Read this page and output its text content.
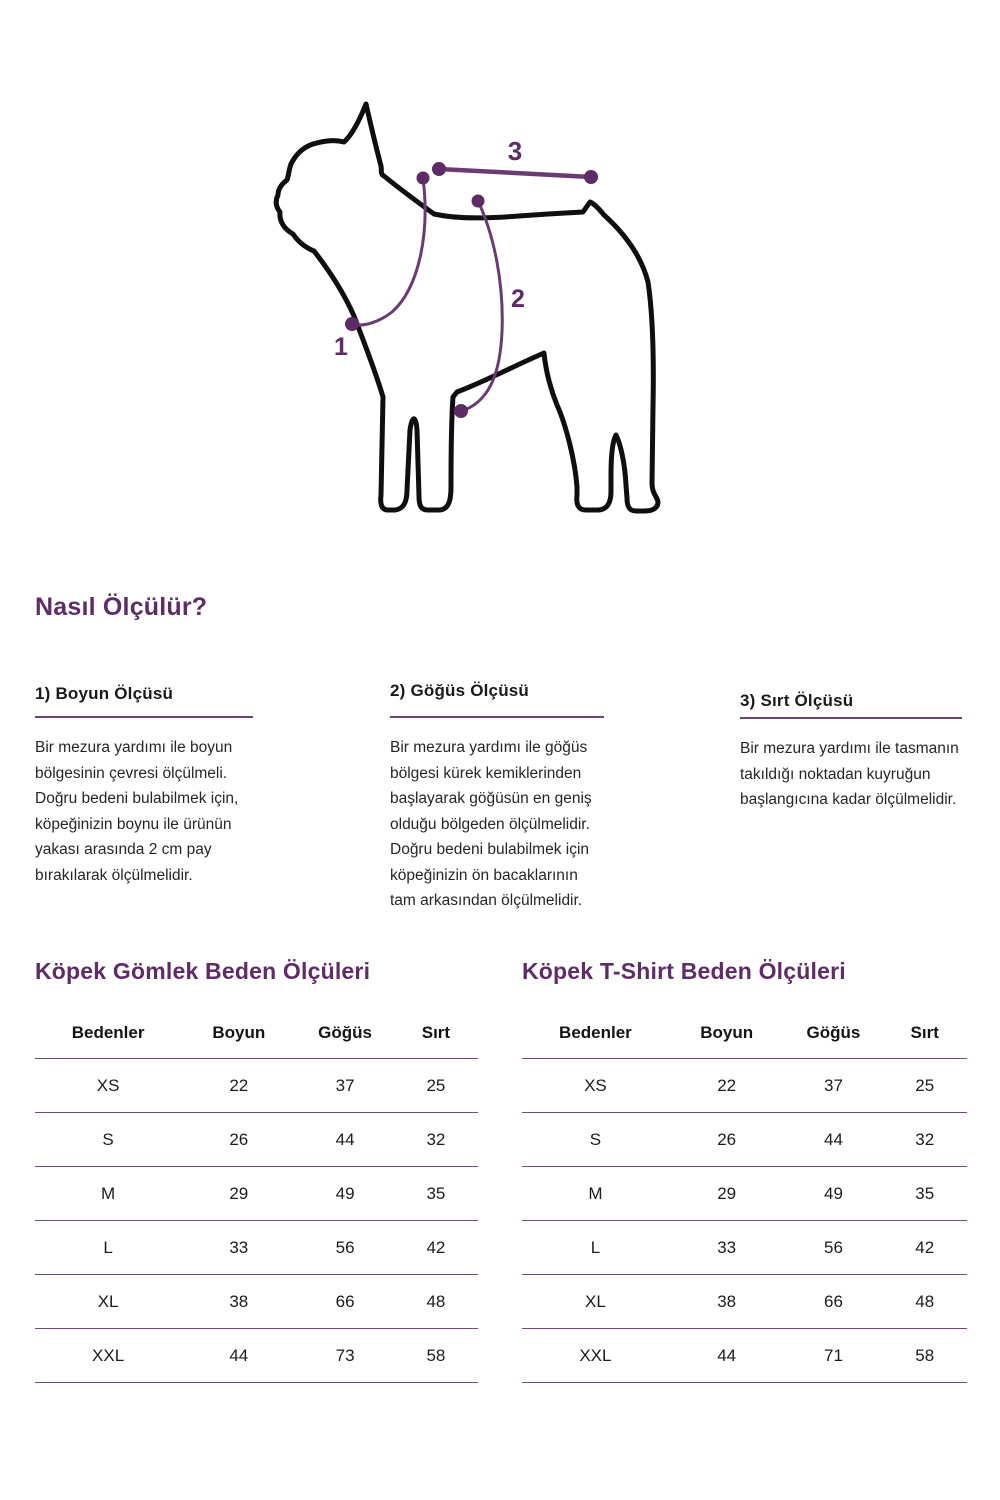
1
2
3
Nasıl Ölçülür?
1) Boyun Ölçüsü

Bir mezura yardımı ile boyun bölgesinin çevresi ölçülmeli. Doğru bedeni bulabilmek için, köpeğinizin boynu ile ürünün yakası arasında 2 cm pay bırakılarak ölçülmelidir.

2) Göğüs Ölçüsü

Bir mezura yardımı ile göğüs bölgesi kürek kemiklerinden başlayarak göğüsün en geniş olduğu bölgeden ölçülmelidir. Doğru bedeni bulabilmek için köpeğinizin ön bacaklarının tam arkasından ölçülmelidir.

3) Sırt Ölçüsü

Bir mezura yardımı ile tasmanın takıldığı noktadan kuyruğun başlangıcına kadar ölçülmelidir.

Köpek Gömlek Beden Ölçüleri
Bedenler	Boyun	Göğüs	Sırt
XS	22	37	25
S	26	44	32
M	29	49	35
L	33	56	42
XL	38	66	48
XXL	44	73	58
Köpek T-Shirt Beden Ölçüleri
Bedenler	Boyun	Göğüs	Sırt
XS	22	37	25
S	26	44	32
M	29	49	35
L	33	56	42
XL	38	66	48
XXL	44	71	58
